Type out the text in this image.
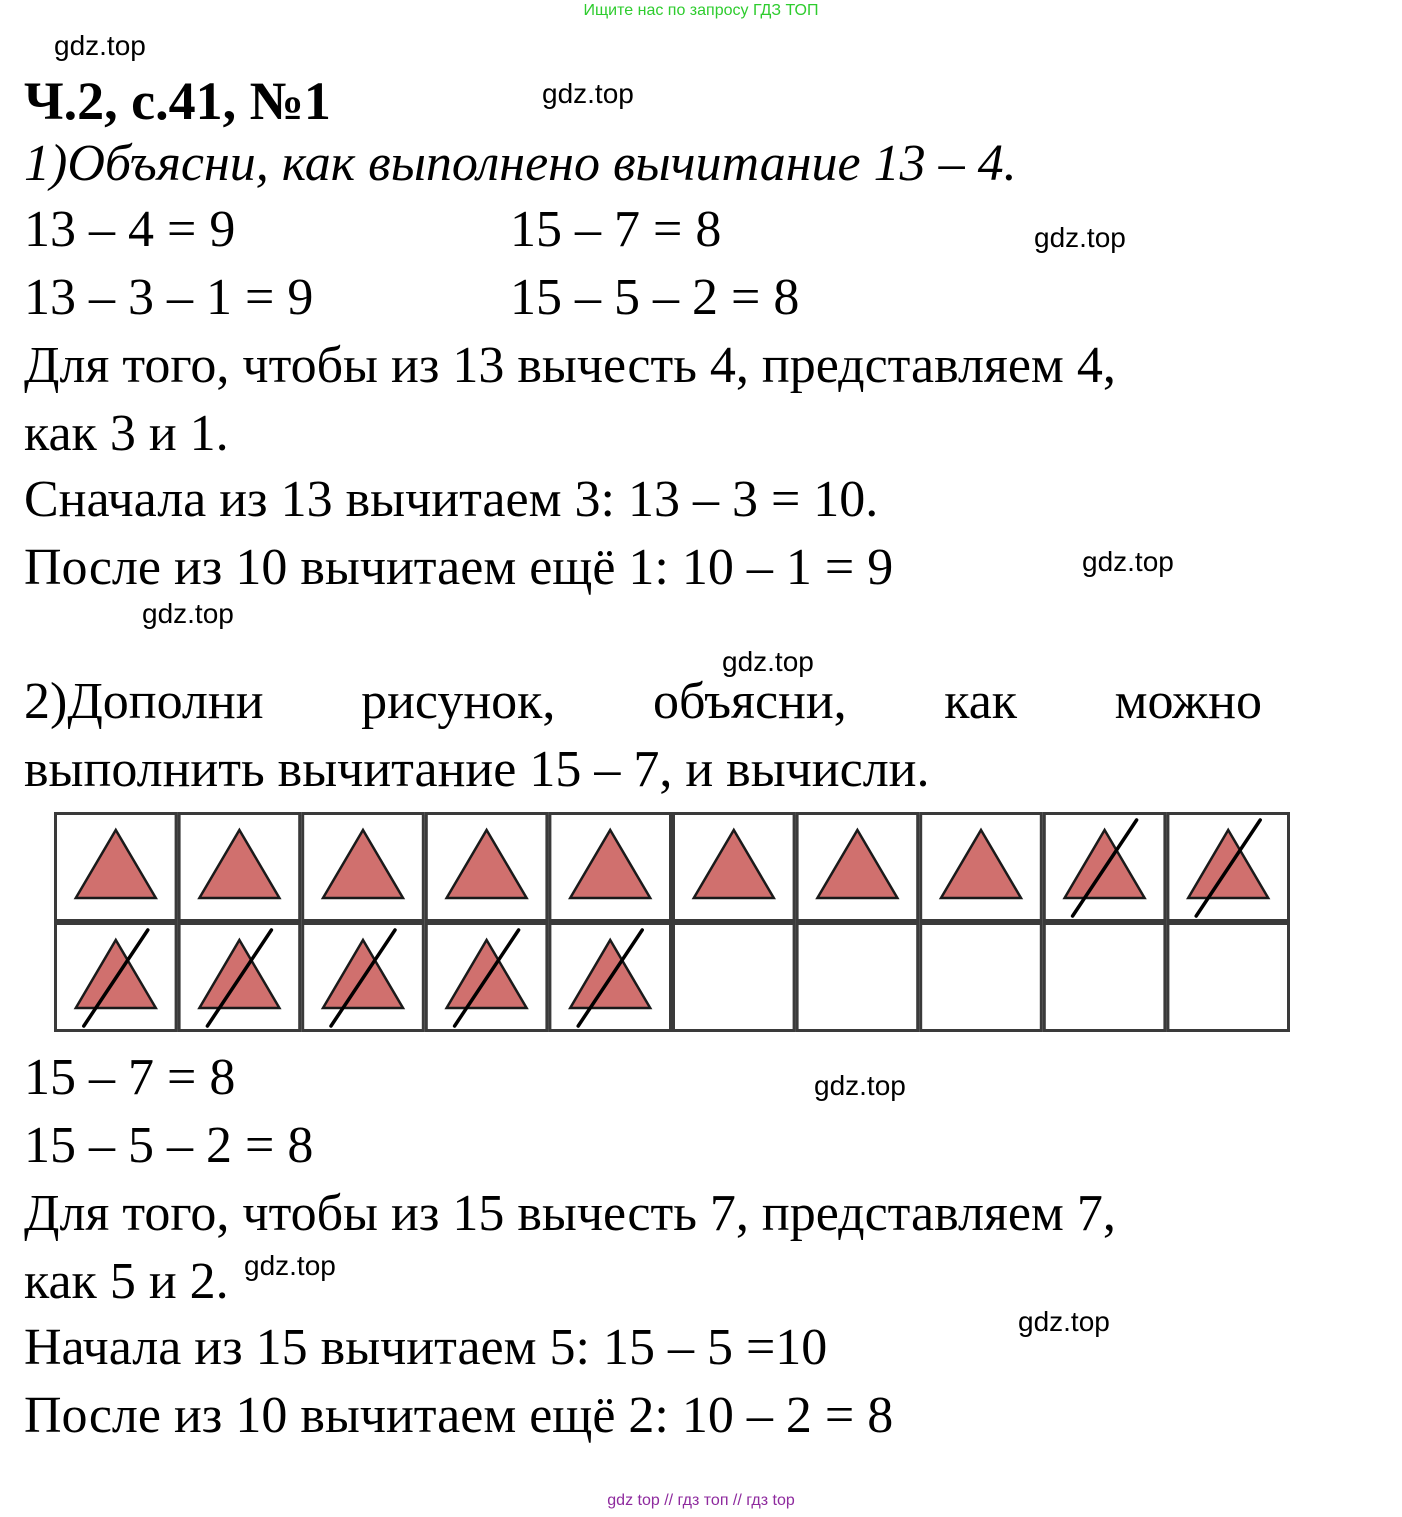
Ищите нас по запросу ГДЗ ТОП
gdz.top
gdz.top
gdz.top
gdz.top
gdz.top
gdz.top
gdz.top
gdz.top
Ч.2, с.41, №1
1)Объясни, как выполнено вычитание 13 – 4.
13 – 4 = 9	15 – 7 = 8
13 – 3 – 1 = 9	15 – 5 – 2 = 8
Для того, чтобы из 13 вычесть 4, представляем 4,
как 3 и 1.
Сначала из 13 вычитаем 3: 13 – 3 = 10.
После из 10 вычитаем ещё 1: 10 – 1 = 9
2)Дополни рисунок, объясни, как можно
выполнить вычитание 15 – 7, и вычисли.
15 – 7 = 8
15 – 5 – 2 = 8
Для того, чтобы из 15 вычесть 7, представляем 7,
как 5 и 2. gdz.top
Начала из 15 вычитаем 5: 15 – 5 =10
После из 10 вычитаем ещё 2: 10 – 2 = 8
gdz top // гдз топ // гдз top
